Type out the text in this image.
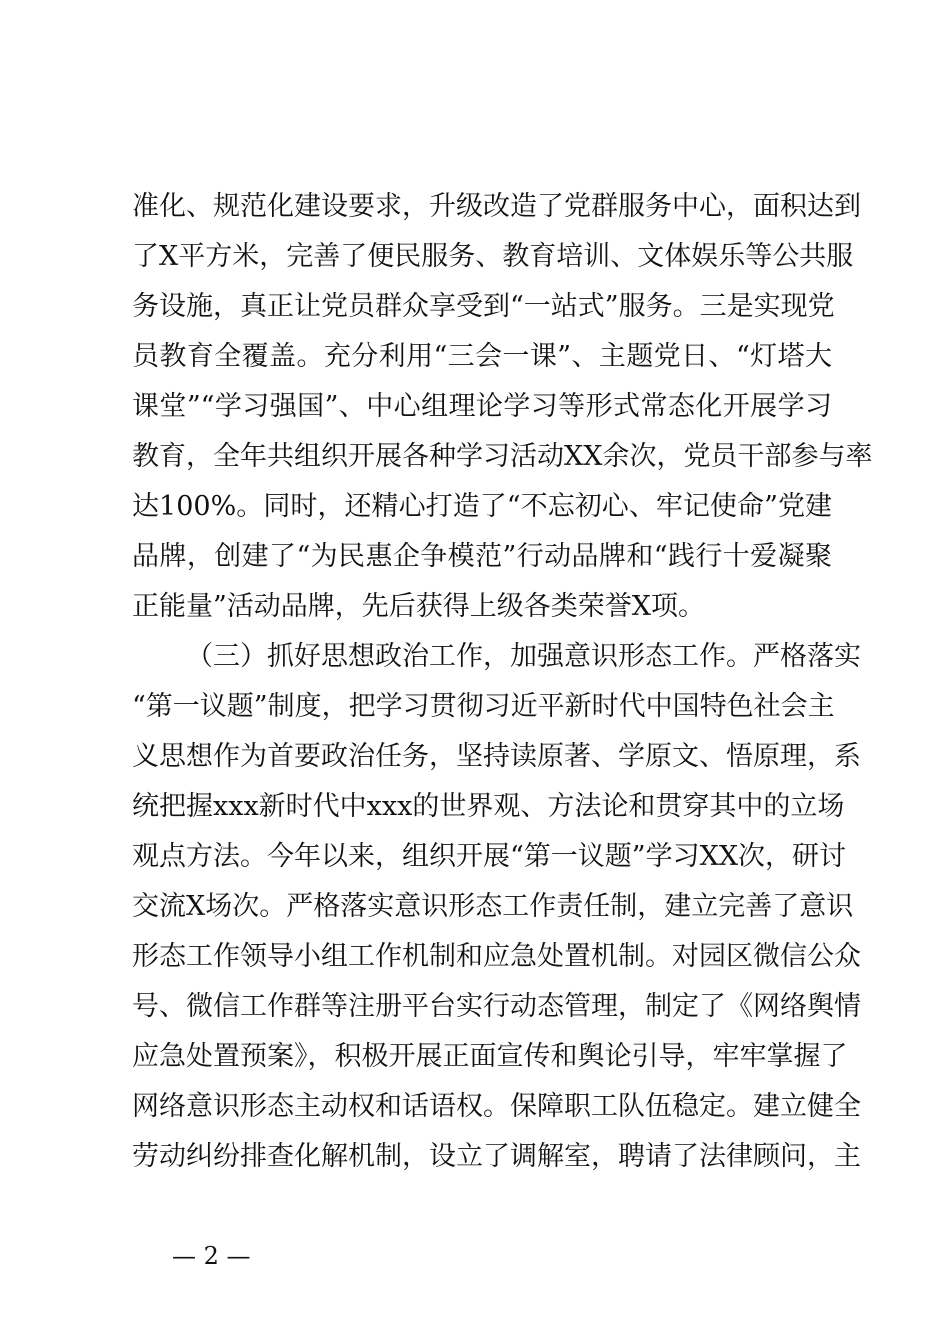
准化、规范化建设要求，升级改造了党群服务中心，面积达到
了X平方米，完善了便民服务、教育培训、文体娱乐等公共服
务设施，真正让党员群众享受到“一站式”服务。三是实现党
员教育全覆盖。充分利用“三会一课”、主题党日、“灯塔大
课堂”“学习强国”、中心组理论学习等形式常态化开展学习
教育，全年共组织开展各种学习活动XX余次，党员干部参与率
达100%。同时，还精心打造了“不忘初心、牢记使命”党建
品牌，创建了“为民惠企争模范”行动品牌和“践行十爱凝聚
正能量”活动品牌，先后获得上级各类荣誉X项。
（三）抓好思想政治工作，加强意识形态工作。严格落实
“第一议题”制度，把学习贯彻习近平新时代中国特色社会主
义思想作为首要政治任务，坚持读原著、学原文、悟原理，系
统把握xxx新时代中xxx的世界观、方法论和贯穿其中的立场
观点方法。今年以来，组织开展“第一议题”学习XX次，研讨
交流X场次。严格落实意识形态工作责任制，建立完善了意识
形态工作领导小组工作机制和应急处置机制。对园区微信公众
号、微信工作群等注册平台实行动态管理，制定了《网络舆情
应急处置预案》，积极开展正面宣传和舆论引导，牢牢掌握了
网络意识形态主动权和话语权。保障职工队伍稳定。建立健全
劳动纠纷排查化解机制，设立了调解室，聘请了法律顾问，主
— 2 —
